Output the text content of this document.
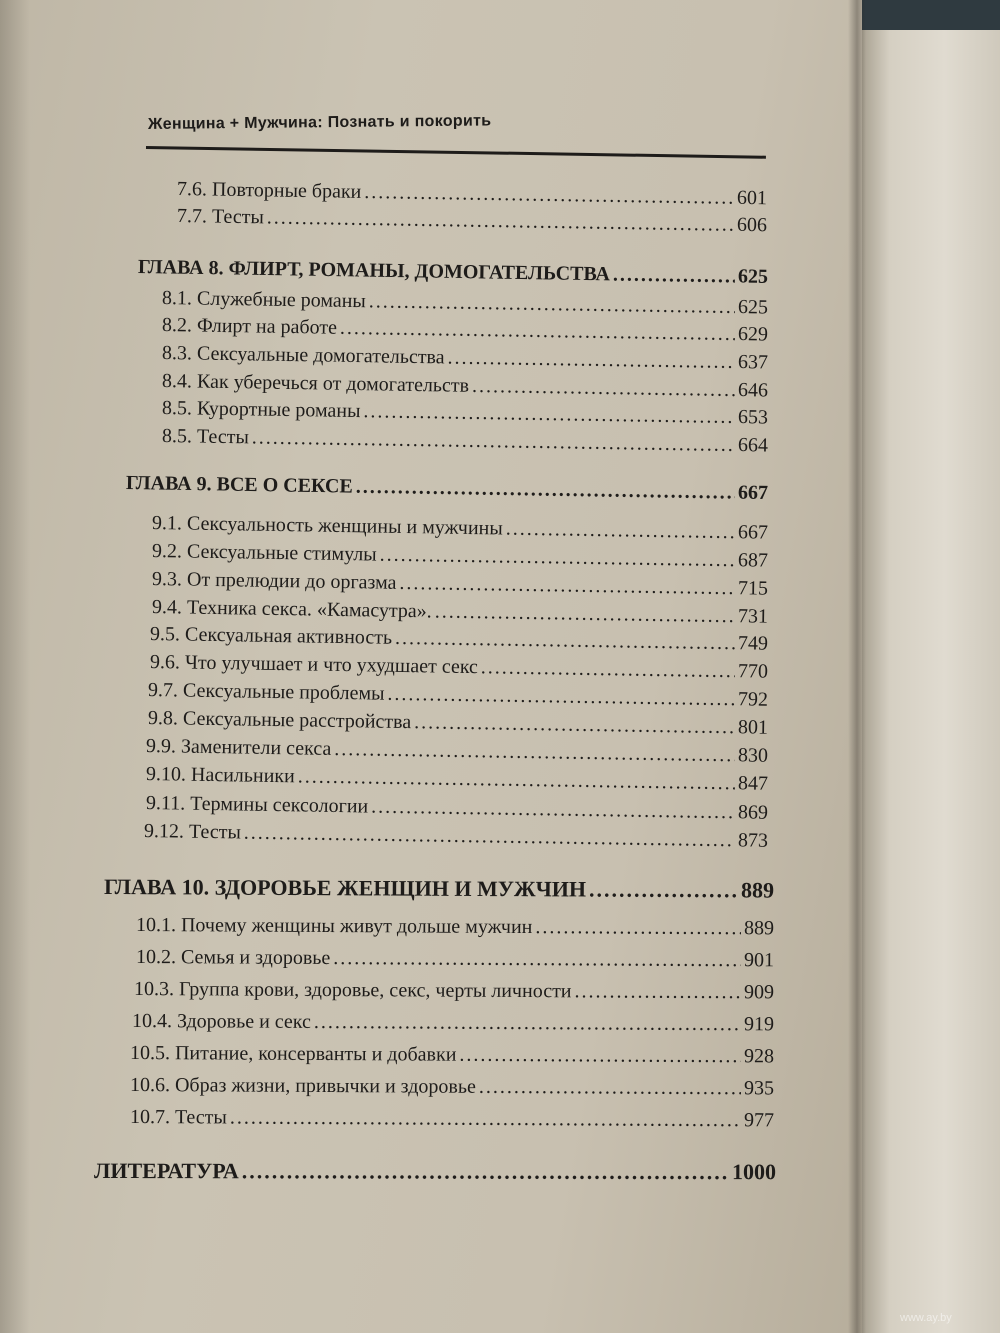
Женщина + Мужчина: Познать и покорить
7.6. Повторные браки .....	601
7.7. Тесты .....	606
ГЛАВА 8. ФЛИРТ, РОМАНЫ, ДОМОГАТЕЛЬСТВА .....	625
8.1. Служебные романы .....	625
8.2. Флирт на работе .....	629
8.3. Сексуальные домогательства .....	637
8.4. Как уберечься от домогательств .....	646
8.5. Курортные романы .....	653
8.5. Тесты .....	664
ГЛАВА 9. ВСЕ О СЕКСЕ .....	667
9.1. Сексуальность женщины и мужчины .....	667
9.2. Сексуальные стимулы .....	687
9.3. От прелюдии до оргазма .....	715
9.4. Техника секса. «Камасутра». .....	731
9.5. Сексуальная активность .....	749
9.6. Что улучшает и что ухудшает секс .....	770
9.7. Сексуальные проблемы .....	792
9.8. Сексуальные расстройства .....	801
9.9. Заменители секса .....	830
9.10. Насильники .....	847
9.11. Термины сексологии .....	869
9.12. Тесты .....	873
ГЛАВА 10. ЗДОРОВЬЕ ЖЕНЩИН И МУЖЧИН .....	889
10.1. Почему женщины живут дольше мужчин .....	889
10.2. Семья и здоровье .....	901
10.3. Группа крови, здоровье, секс, черты личности .....	909
10.4. Здоровье и секс .....	919
10.5. Питание, консерванты и добавки .....	928
10.6. Образ жизни, привычки и здоровье .....	935
10.7. Тесты .....	977
ЛИТЕРАТУРА .....	1000
www.ay.by
